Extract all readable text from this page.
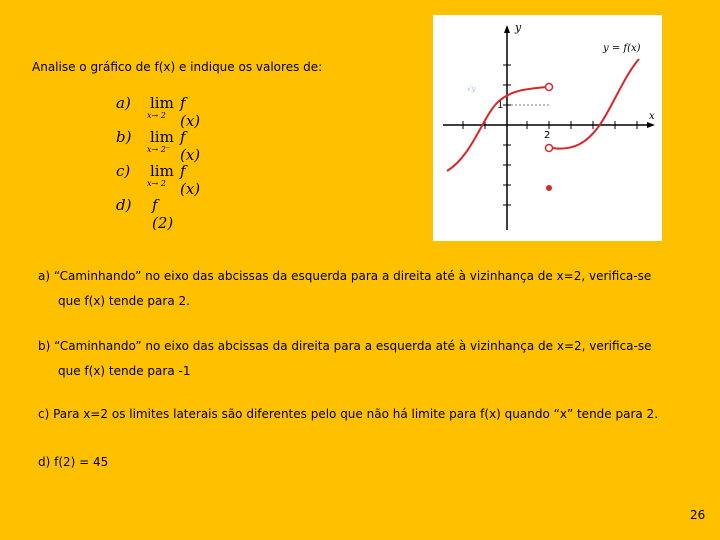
Analise o gráfico de f(x) e indique os valores de:
a) lim
x→ 2
f (x)
b) lim
x→ 2⁻
f (x)
c) lim
x→ 2
f (x)
d) f (2)
y
x
y = f(x)
1
2
√y
a) “Caminhando” no eixo das abcissas da esquerda para a direita até à vizinhança de x=2, verifica-se
que f(x) tende para 2.
b) “Caminhando” no eixo das abcissas da direita para a esquerda até à vizinhança de x=2, verifica-se
que f(x) tende para -1
c) Para x=2 os limites laterais são diferentes pelo que não há limite para f(x) quando “x” tende para 2.
d) f(2) = 45
26
